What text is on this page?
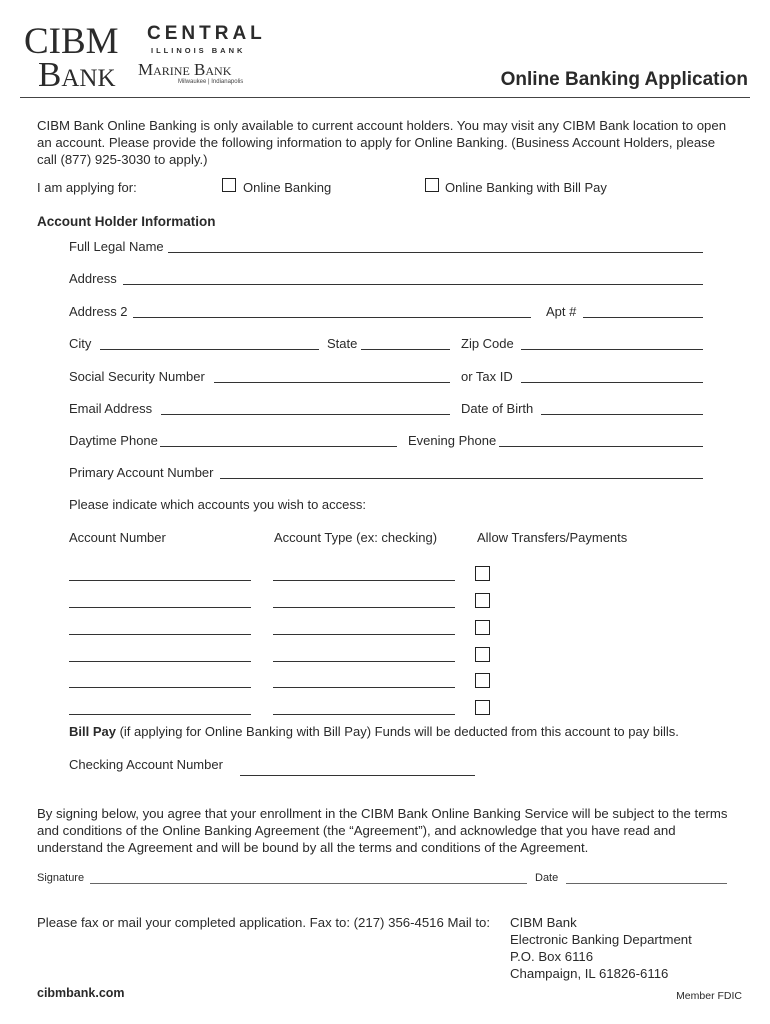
CIBM
Bank
CENTRAL
ILLINOIS BANK
Marine Bank
Milwaukee | Indianapolis	Online Banking Application
CIBM Bank Online Banking is only available to current account holders. You may visit any CIBM Bank location to open an account. Please provide the following information to apply for Online Banking. (Business Account Holders, please call (877) 925-3030 to apply.)
I am applying for:	Online Banking	Online Banking with Bill Pay
Account Holder Information
Full Legal Name
Address
Address 2	Apt #
City	State	Zip Code
Social Security Number	or Tax ID
Email Address	Date of Birth
Daytime Phone	Evening Phone
Primary Account Number
Please indicate which accounts you wish to access:
Account Number	Account Type (ex: checking)	Allow Transfers/Payments
Bill Pay (if applying for Online Banking with Bill Pay) Funds will be deducted from this account to pay bills.
Checking Account Number
By signing below, you agree that your enrollment in the CIBM Bank Online Banking Service will be subject to the terms and conditions of the Online Banking Agreement (the “Agreement”), and acknowledge that you have read and understand the Agreement and will be bound by all the terms and conditions of the Agreement.
Signature	Date
Please fax or mail your completed application. Fax to: (217) 356-4516 Mail to: CIBM Bank
Electronic Banking Department
P.O. Box 6116
Champaign, IL 61826-6116
cibmbank.com	Member FDIC
